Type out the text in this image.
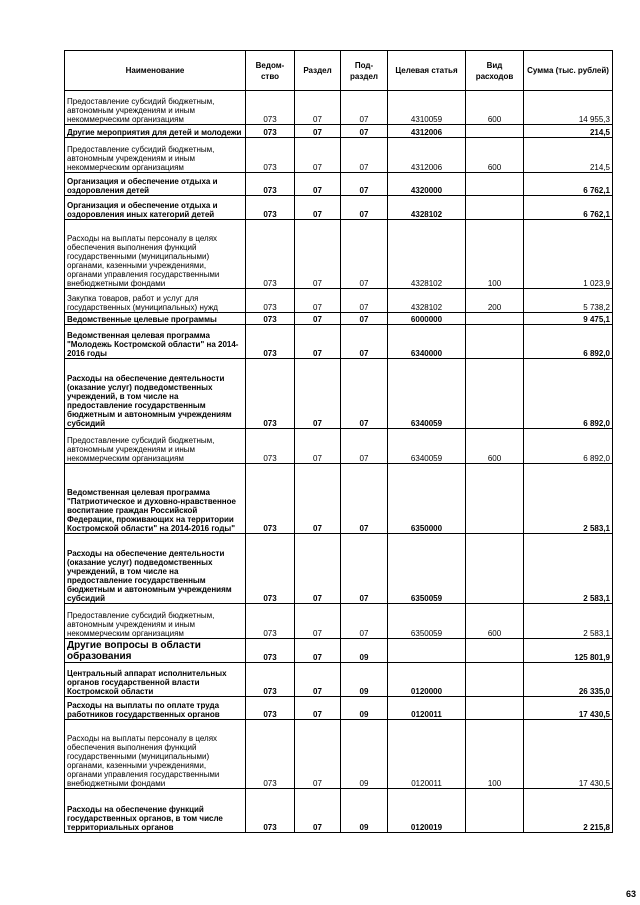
Наименование	Ведом-ство	Раздел	Под-раздел	Целевая статья	Вид расходов	Сумма (тыс. рублей)
Предоставление субсидий бюджетным, автономным учреждениям и иным некоммерческим организациям	073	07	07	4310059	600	14 955,3
Другие мероприятия для детей и молодежи	073	07	07	4312006		214,5
Предоставление субсидий бюджетным, автономным учреждениям и иным некоммерческим организациям	073	07	07	4312006	600	214,5
Организация и обеспечение отдыха и оздоровления детей	073	07	07	4320000		6 762,1
Организация и обеспечение отдыха и оздоровления иных категорий детей	073	07	07	4328102		6 762,1
Расходы на выплаты персоналу в целях обеспечения выполнения функций государственными (муниципальными) органами, казенными учреждениями, органами управления государственными внебюджетными фондами	073	07	07	4328102	100	1 023,9
Закупка товаров, работ и услуг для государственных (муниципальных) нужд	073	07	07	4328102	200	5 738,2
Ведомственные целевые программы	073	07	07	6000000		9 475,1
Ведомственная целевая программа "Молодежь Костромской области" на 2014-2016 годы	073	07	07	6340000		6 892,0
Расходы на обеспечение деятельности (оказание услуг) подведомственных учреждений, в том числе на предоставление государственным бюджетным и автономным учреждениям субсидий	073	07	07	6340059		6 892,0
Предоставление субсидий бюджетным, автономным учреждениям и иным некоммерческим организациям	073	07	07	6340059	600	6 892,0
Ведомственная целевая программа "Патриотическое и духовно-нравственное воспитание граждан Российской Федерации, проживающих на территории Костромской области" на 2014-2016 годы"	073	07	07	6350000		2 583,1
Расходы на обеспечение деятельности (оказание услуг) подведомственных учреждений, в том числе на предоставление государственным бюджетным и автономным учреждениям субсидий	073	07	07	6350059		2 583,1
Предоставление субсидий бюджетным, автономным учреждениям и иным некоммерческим организациям	073	07	07	6350059	600	2 583,1
Другие вопросы в области образования	073	07	09			125 801,9
Центральный аппарат исполнительных органов государственной власти Костромской области	073	07	09	0120000		26 335,0
Расходы на выплаты по оплате труда работников государственных органов	073	07	09	0120011		17 430,5
Расходы на выплаты персоналу в целях обеспечения выполнения функций государственными (муниципальными) органами, казенными учреждениями, органами управления государственными внебюджетными фондами	073	07	09	0120011	100	17 430,5
Расходы на обеспечение функций государственных органов, в том числе территориальных органов	073	07	09	0120019		2 215,8
63
